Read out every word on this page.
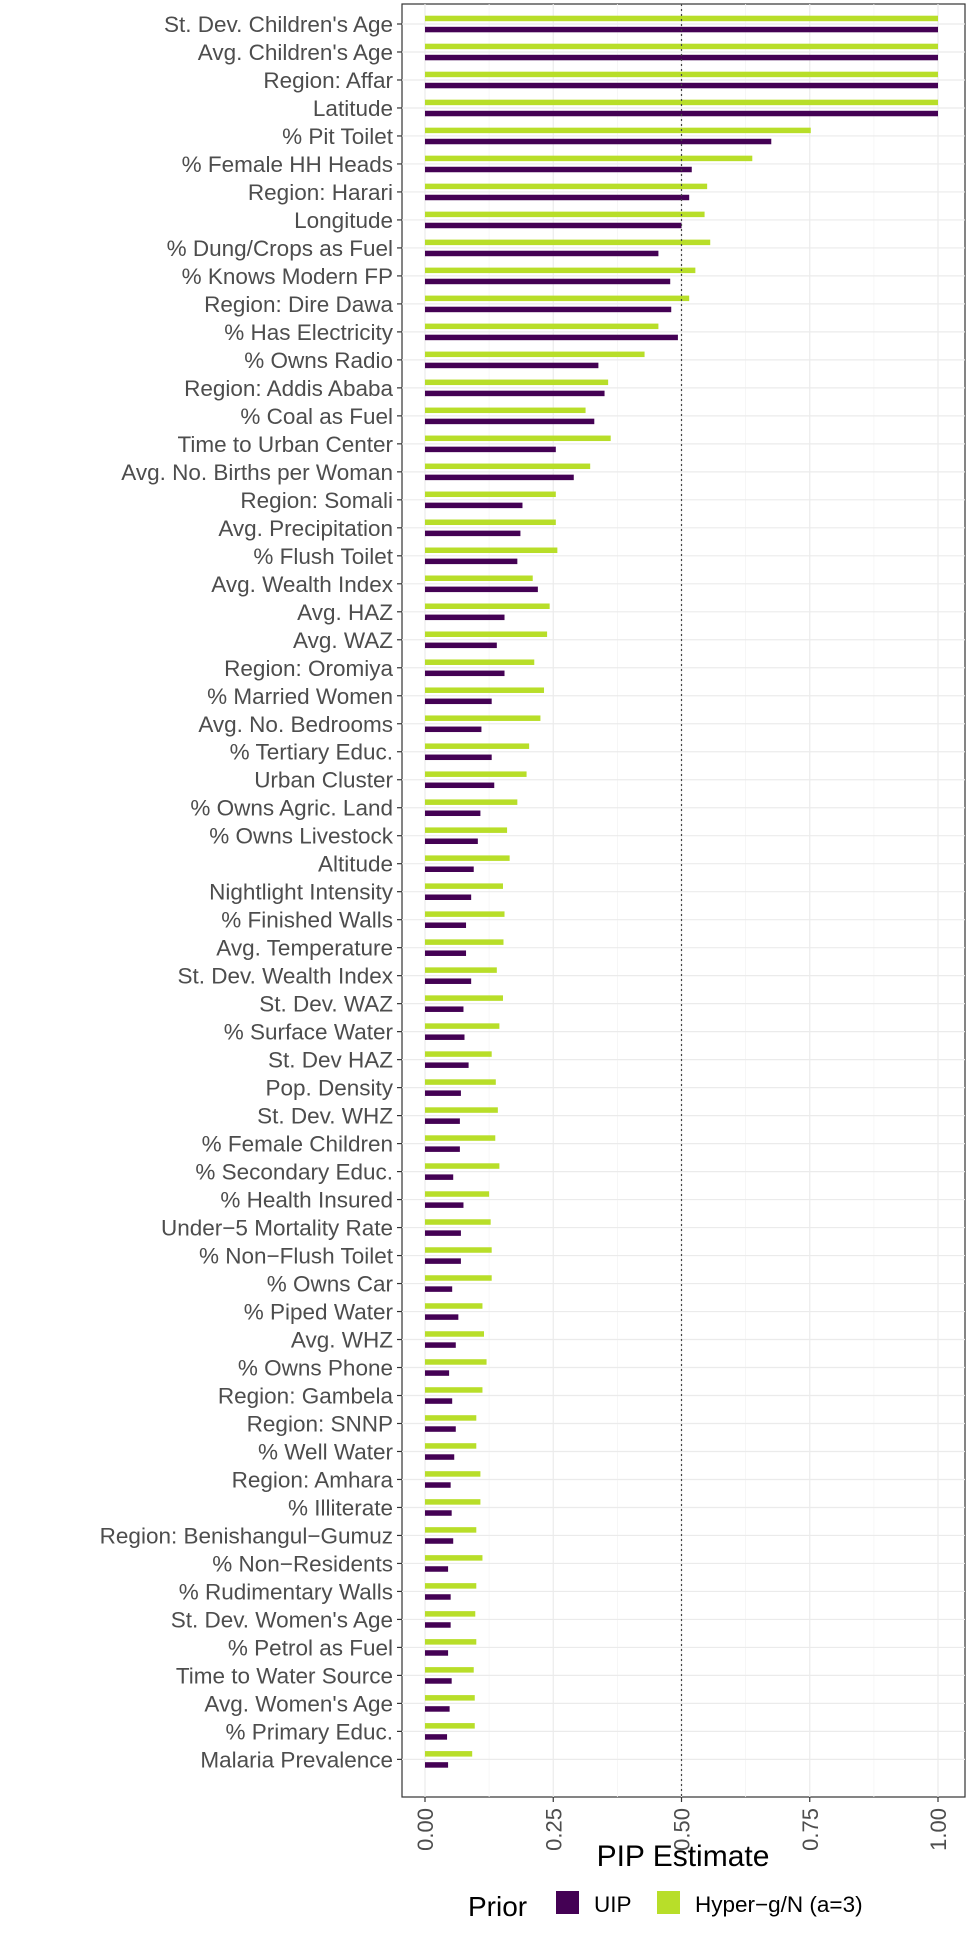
St. Dev. Children's Age
Avg. Children's Age
Region: Affar
Latitude
% Pit Toilet
% Female HH Heads
Region: Harari
Longitude
% Dung/Crops as Fuel
% Knows Modern FP
Region: Dire Dawa
% Has Electricity
% Owns Radio
Region: Addis Ababa
% Coal as Fuel
Time to Urban Center
Avg. No. Births per Woman
Region: Somali
Avg. Precipitation
% Flush Toilet
Avg. Wealth Index
Avg. HAZ
Avg. WAZ
Region: Oromiya
% Married Women
Avg. No. Bedrooms
% Tertiary Educ.
Urban Cluster
% Owns Agric. Land
% Owns Livestock
Altitude
Nightlight Intensity
% Finished Walls
Avg. Temperature
St. Dev. Wealth Index
St. Dev. WAZ
% Surface Water
St. Dev HAZ
Pop. Density
St. Dev. WHZ
% Female Children
% Secondary Educ.
% Health Insured
Under−5 Mortality Rate
% Non−Flush Toilet
% Owns Car
% Piped Water
Avg. WHZ
% Owns Phone
Region: Gambela
Region: SNNP
% Well Water
Region: Amhara
% Illiterate
Region: Benishangul−Gumuz
% Non−Residents
% Rudimentary Walls
St. Dev. Women's Age
% Petrol as Fuel
Time to Water Source
Avg. Women's Age
% Primary Educ.
Malaria Prevalence
0.00	0.25	0.50	0.75	1.00
PIP Estimate
Prior	UIP	Hyper−g/N (a=3)
